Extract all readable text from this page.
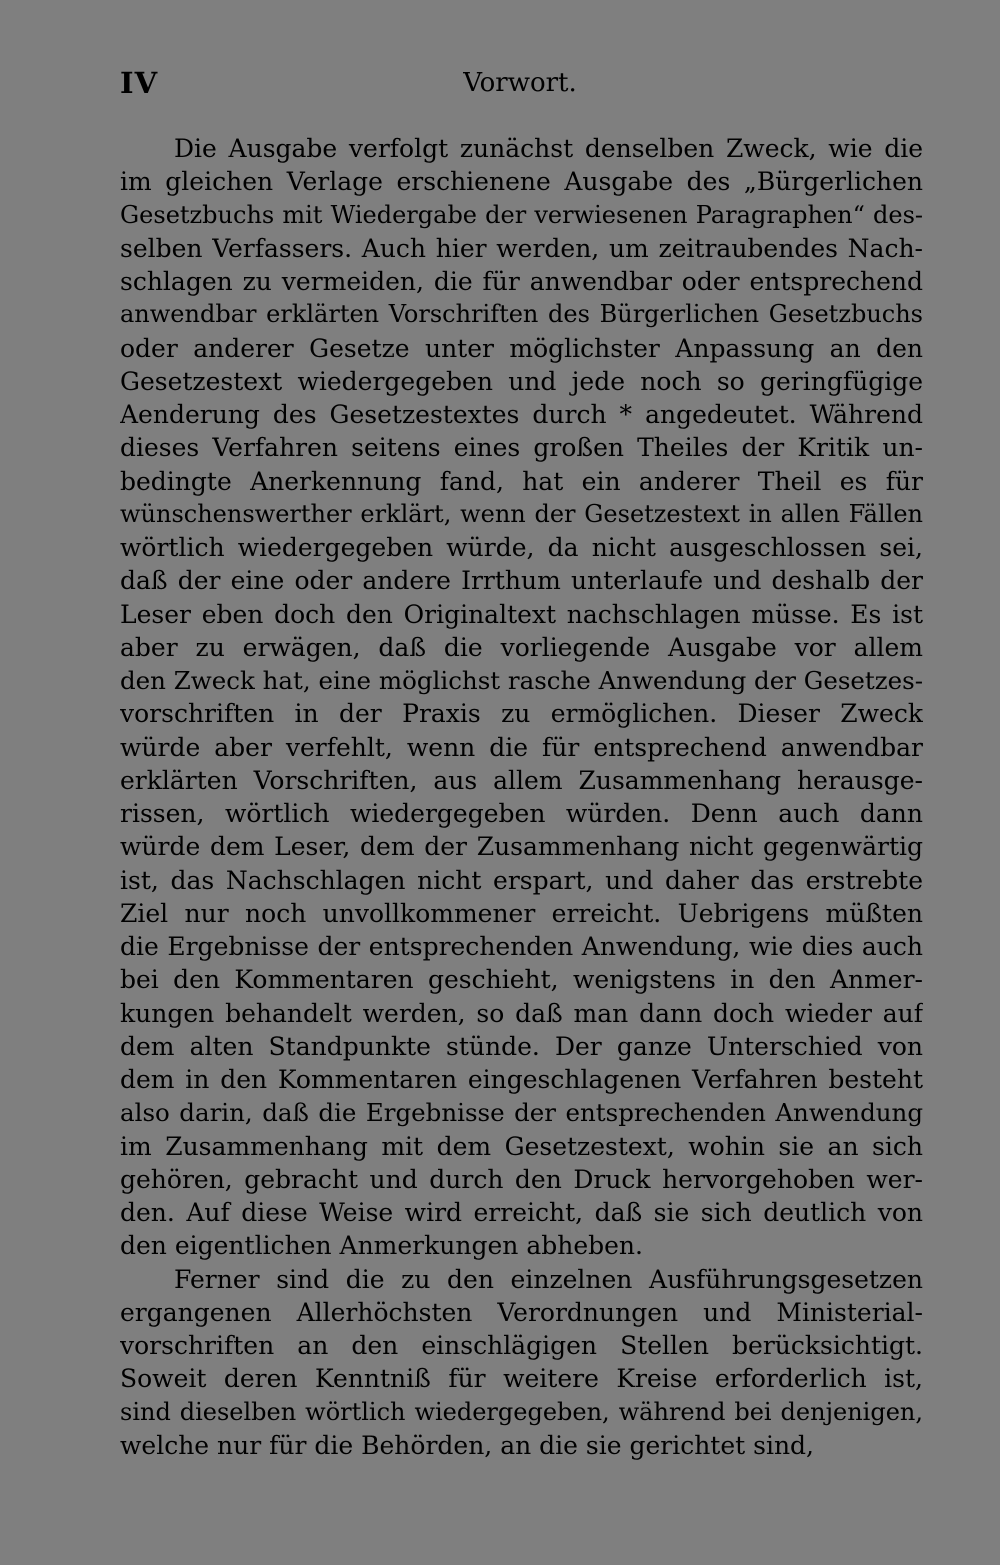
IV	Vorwort.
Die Ausgabe verfolgt zunächst denselben Zweck, wie die
im gleichen Verlage erschienene Ausgabe des „Bürgerlichen
Gesetzbuchs mit Wiedergabe der verwiesenen Paragraphen“ des-
selben Verfassers. Auch hier werden, um zeitraubendes Nach-
schlagen zu vermeiden, die für anwendbar oder entsprechend
anwendbar erklärten Vorschriften des Bürgerlichen Gesetzbuchs
oder anderer Gesetze unter möglichster Anpassung an den
Gesetzestext wiedergegeben und jede noch so geringfügige
Aenderung des Gesetzestextes durch * angedeutet. Während
dieses Verfahren seitens eines großen Theiles der Kritik un-
bedingte Anerkennung fand, hat ein anderer Theil es für
wünschenswerther erklärt, wenn der Gesetzestext in allen Fällen
wörtlich wiedergegeben würde, da nicht ausgeschlossen sei,
daß der eine oder andere Irrthum unterlaufe und deshalb der
Leser eben doch den Originaltext nachschlagen müsse. Es ist
aber zu erwägen, daß die vorliegende Ausgabe vor allem
den Zweck hat, eine möglichst rasche Anwendung der Gesetzes-
vorschriften in der Praxis zu ermöglichen. Dieser Zweck
würde aber verfehlt, wenn die für entsprechend anwendbar
erklärten Vorschriften, aus allem Zusammenhang herausge-
rissen, wörtlich wiedergegeben würden. Denn auch dann
würde dem Leser, dem der Zusammenhang nicht gegenwärtig
ist, das Nachschlagen nicht erspart, und daher das erstrebte
Ziel nur noch unvollkommener erreicht. Uebrigens müßten
die Ergebnisse der entsprechenden Anwendung, wie dies auch
bei den Kommentaren geschieht, wenigstens in den Anmer-
kungen behandelt werden, so daß man dann doch wieder auf
dem alten Standpunkte stünde. Der ganze Unterschied von
dem in den Kommentaren eingeschlagenen Verfahren besteht
also darin, daß die Ergebnisse der entsprechenden Anwendung
im Zusammenhang mit dem Gesetzestext, wohin sie an sich
gehören, gebracht und durch den Druck hervorgehoben wer-
den. Auf diese Weise wird erreicht, daß sie sich deutlich von
den eigentlichen Anmerkungen abheben.
Ferner sind die zu den einzelnen Ausführungsgesetzen
ergangenen Allerhöchsten Verordnungen und Ministerial-
vorschriften an den einschlägigen Stellen berücksichtigt.
Soweit deren Kenntniß für weitere Kreise erforderlich ist,
sind dieselben wörtlich wiedergegeben, während bei denjenigen,
welche nur für die Behörden, an die sie gerichtet sind,
